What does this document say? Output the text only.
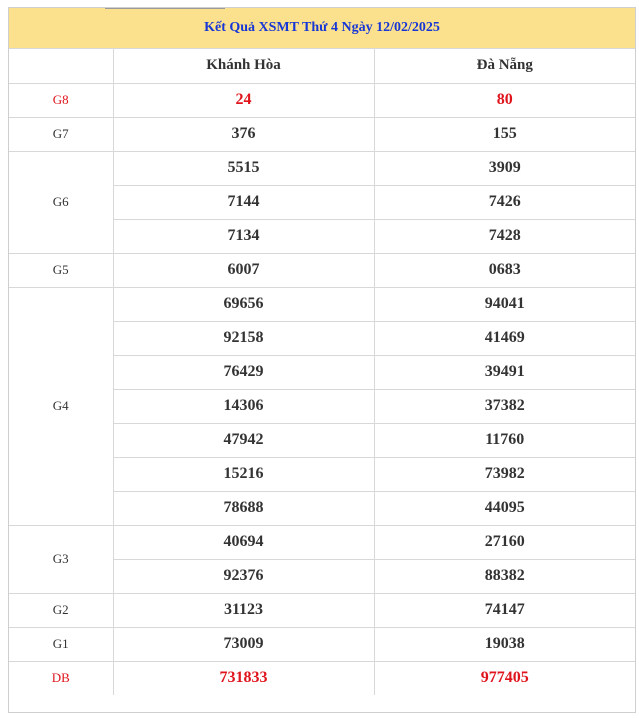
Kết Quả XSMT Thứ 4 Ngày 12/02/2025
	Khánh Hòa	Đà Nẵng
G8	24	80
G7	376	155
G6	5515	3909
	7144	7426
	7134	7428
G5	6007	0683
G4	69656	94041
	92158	41469
	76429	39491
	14306	37382
	47942	11760
	15216	73982
	78688	44095
G3	40694	27160
	92376	88382
G2	31123	74147
G1	73009	19038
DB	731833	977405
